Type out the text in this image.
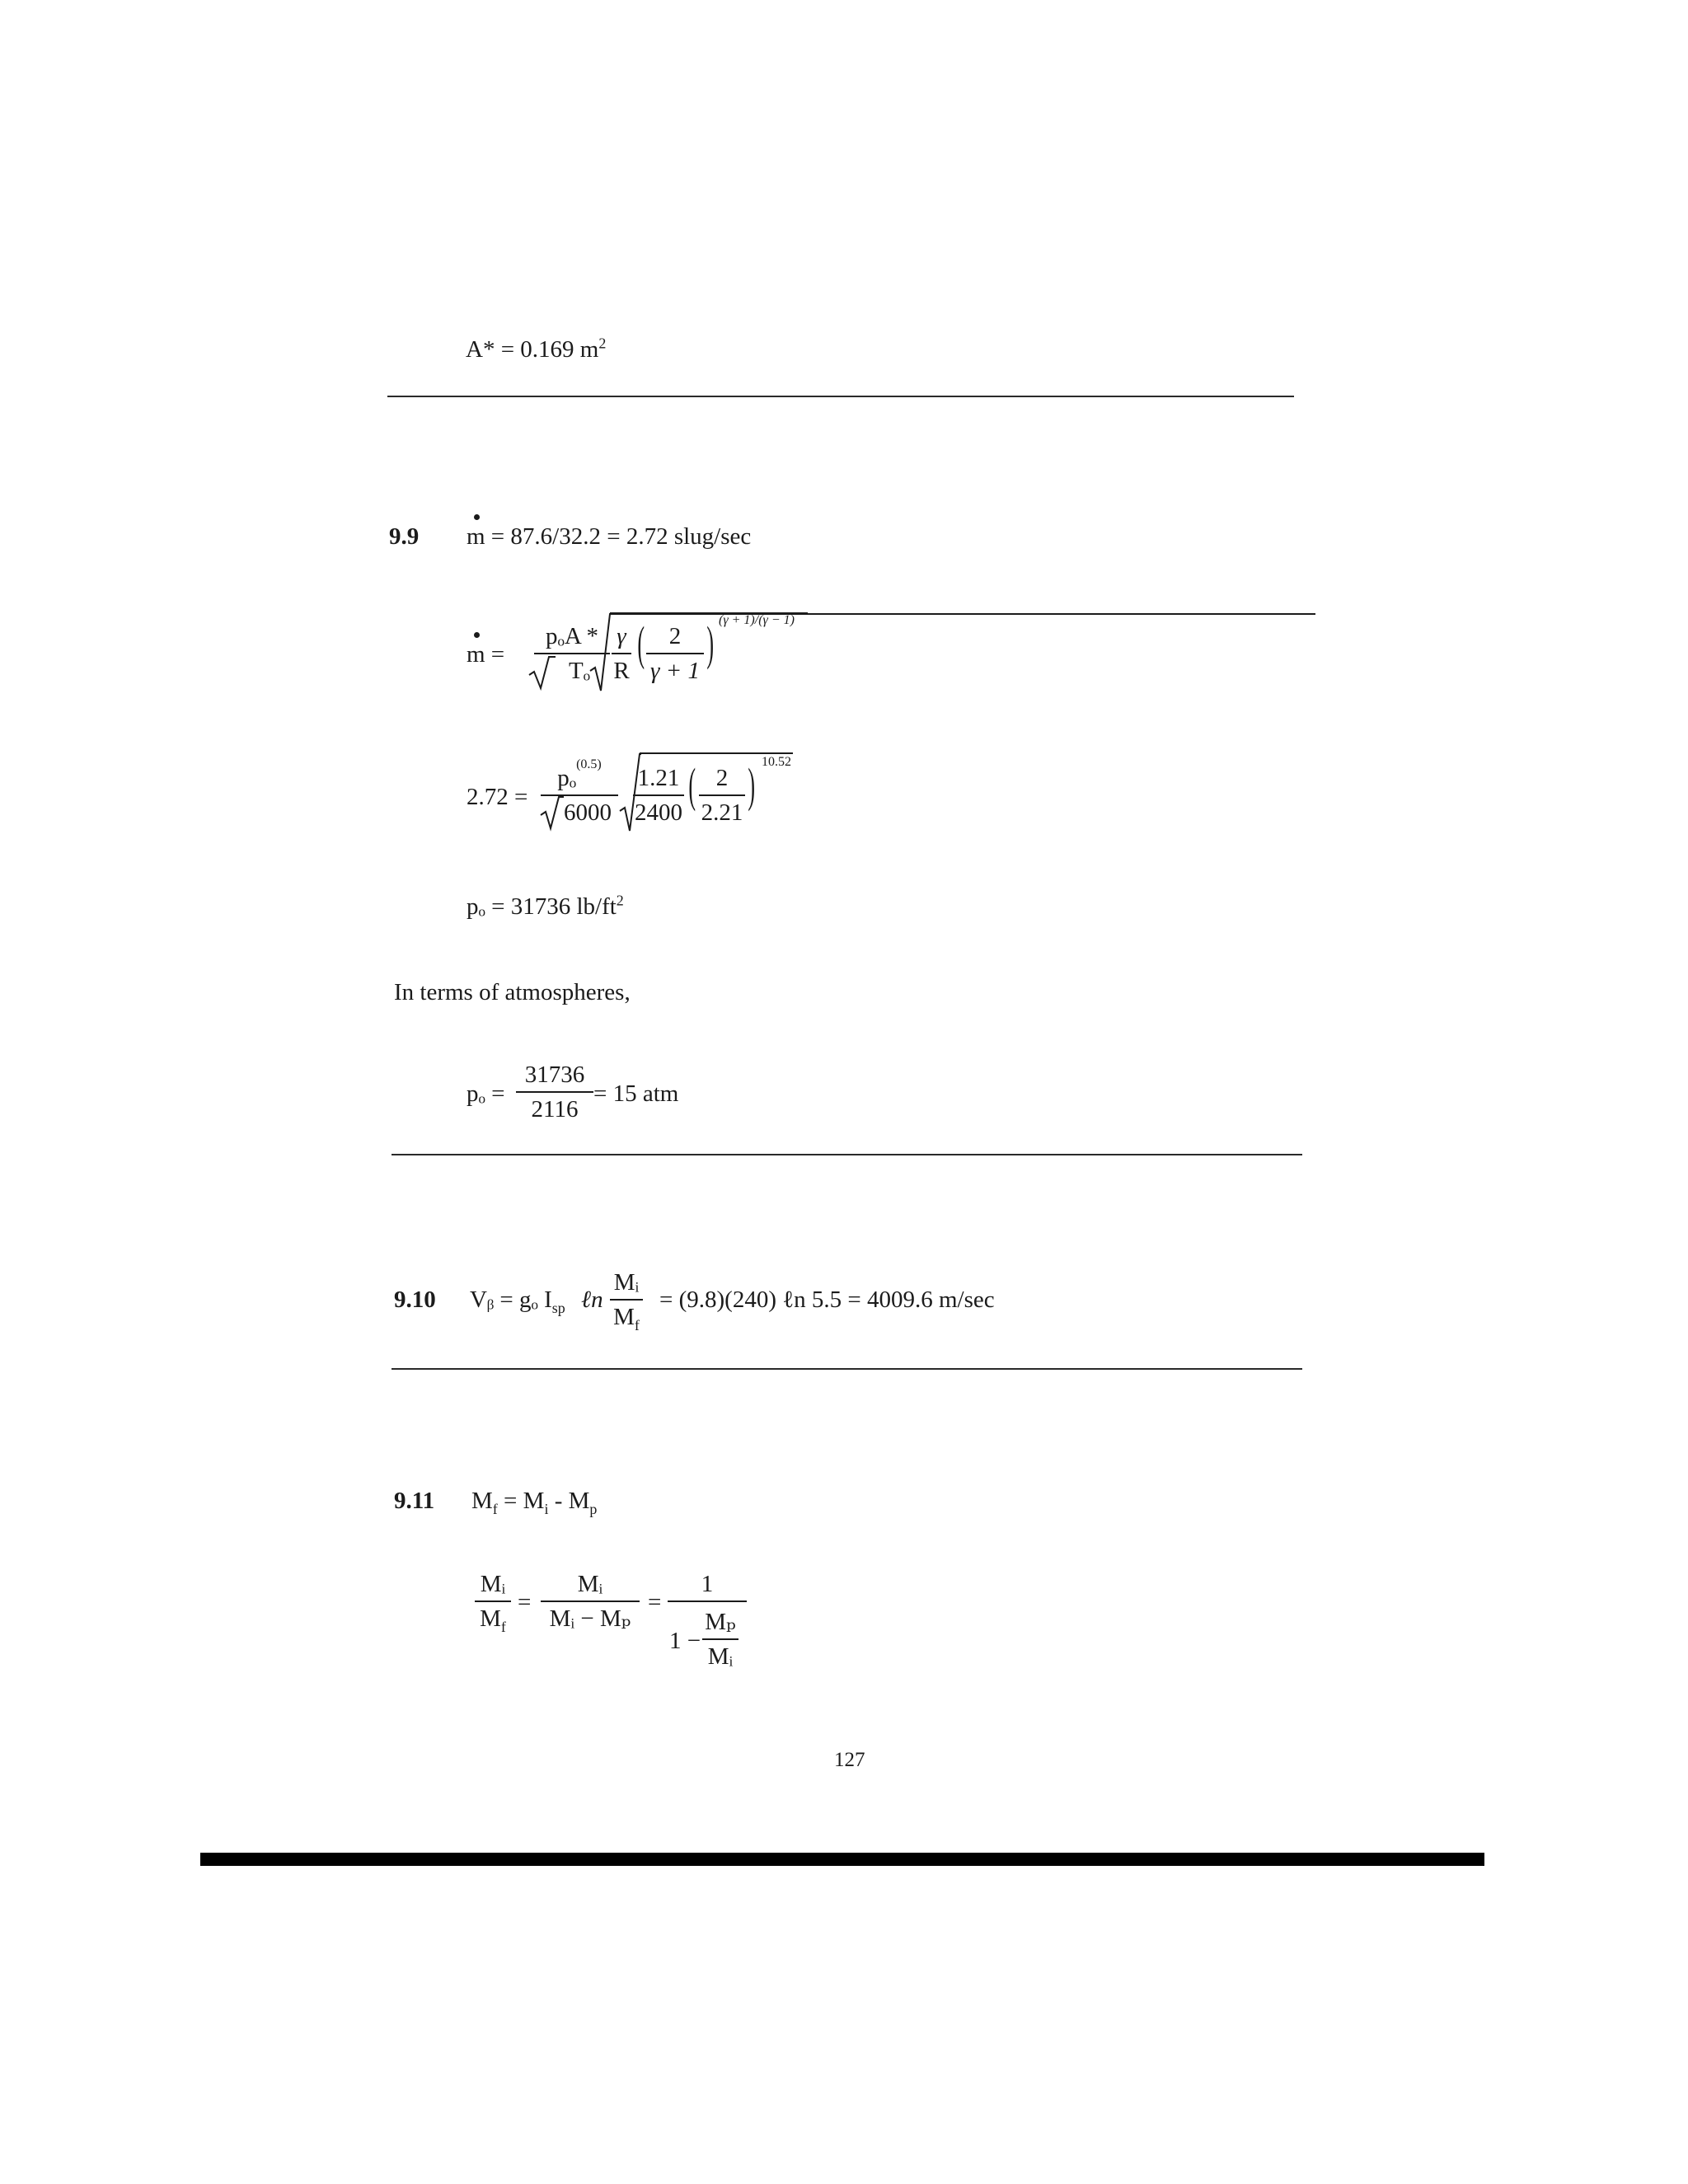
A* = 0.169 $m^2$
9.9 m = 87.6/32.2 = 2.72 slug/sec
m =
pₒA *
Tₒ
γ
R
(	2
γ + 1
) (γ + 1)/(γ − 1)
2.72 =
pₒ$^{(0.5)}$
6000
1.21
2400
( 2
2.21
) 10.52
pₒ = 31736 $lb/ft^2$
In terms of atmospheres,
pₒ =
31736
2116
= 15 atm
9.10 Vᵦ = gₒ $I_{sp}$ ℓn
Mᵢ
$M_f$
= (9.8)(240) ℓn 5.5 = 4009.6 m/sec
9.11 $M_f = M_i - M_p$
Mᵢ
$M_f$
=
Mᵢ
Mᵢ − Mₚ
=
1
1 −
Mₚ
Mᵢ
127
